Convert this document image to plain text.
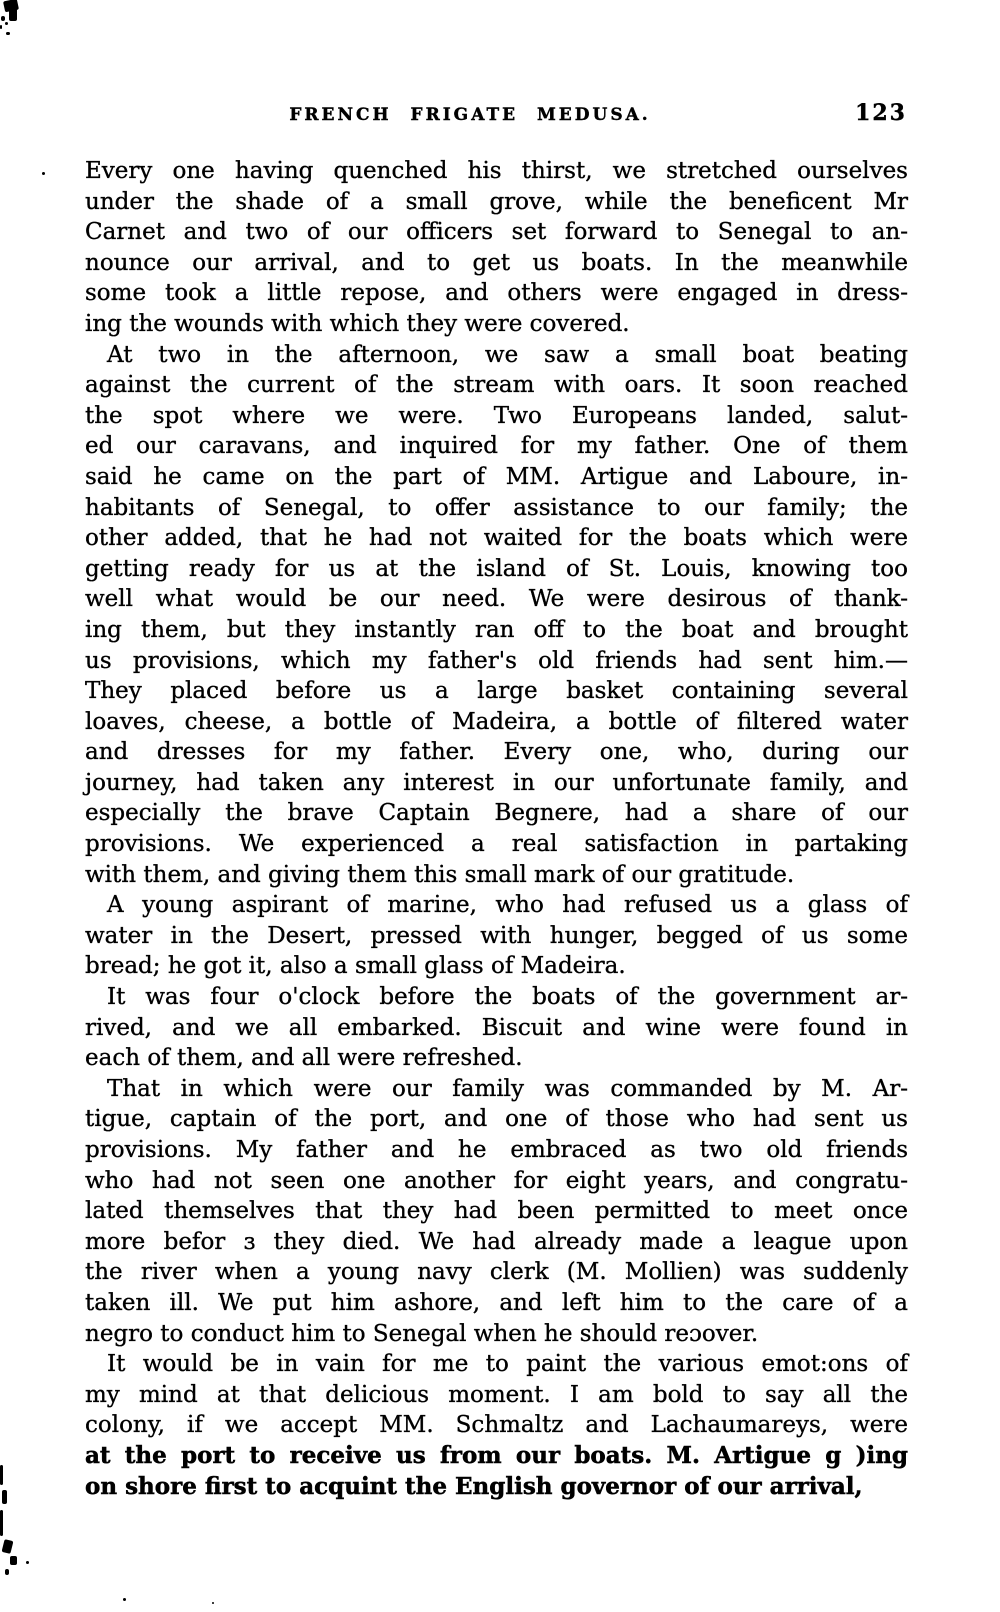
FRENCH FRIGATE MEDUSA.	123
Every one having quenched his thirst, we stretched ourselves
under the shade of a small grove, while the beneficent Mr
Carnet and two of our officers set forward to Senegal to an-
nounce our arrival, and to get us boats. In the meanwhile
some took a little repose, and others were engaged in dress-
ing the wounds with which they were covered.
At two in the afternoon, we saw a small boat beating
against the current of the stream with oars. It soon reached
the spot where we were. Two Europeans landed, salut-
ed our caravans, and inquired for my father. One of them
said he came on the part of MM. Artigue and Laboure, in-
habitants of Senegal, to offer assistance to our family; the
other added, that he had not waited for the boats which were
getting ready for us at the island of St. Louis, knowing too
well what would be our need. We were desirous of thank-
ing them, but they instantly ran off to the boat and brought
us provisions, which my father's old friends had sent him.—
They placed before us a large basket containing several
loaves, cheese, a bottle of Madeira, a bottle of filtered water
and dresses for my father. Every one, who, during our
journey, had taken any interest in our unfortunate family, and
especially the brave Captain Begnere, had a share of our
provisions. We experienced a real satisfaction in partaking
with them, and giving them this small mark of our gratitude.
A young aspirant of marine, who had refused us a glass of
water in the Desert, pressed with hunger, begged of us some
bread; he got it, also a small glass of Madeira.
It was four o'clock before the boats of the government ar-
rived, and we all embarked. Biscuit and wine were found in
each of them, and all were refreshed.
That in which were our family was commanded by M. Ar-
tigue, captain of the port, and one of those who had sent us
provisions. My father and he embraced as two old friends
who had not seen one another for eight years, and congratu-
lated themselves that they had been permitted to meet once
more befor ɜ they died. We had already made a league upon
the river when a young navy clerk (M. Mollien) was suddenly
taken ill. We put him ashore, and left him to the care of a
negro to conduct him to Senegal when he should reɔover.
It would be in vain for me to paint the various emot:ons of
my mind at that delicious moment. I am bold to say all the
colony, if we accept MM. Schmaltz and Lachaumareys, were
at the port to receive us from our boats. M. Artigue g )ing
on shore first to acquint the English governor of our arrival,
